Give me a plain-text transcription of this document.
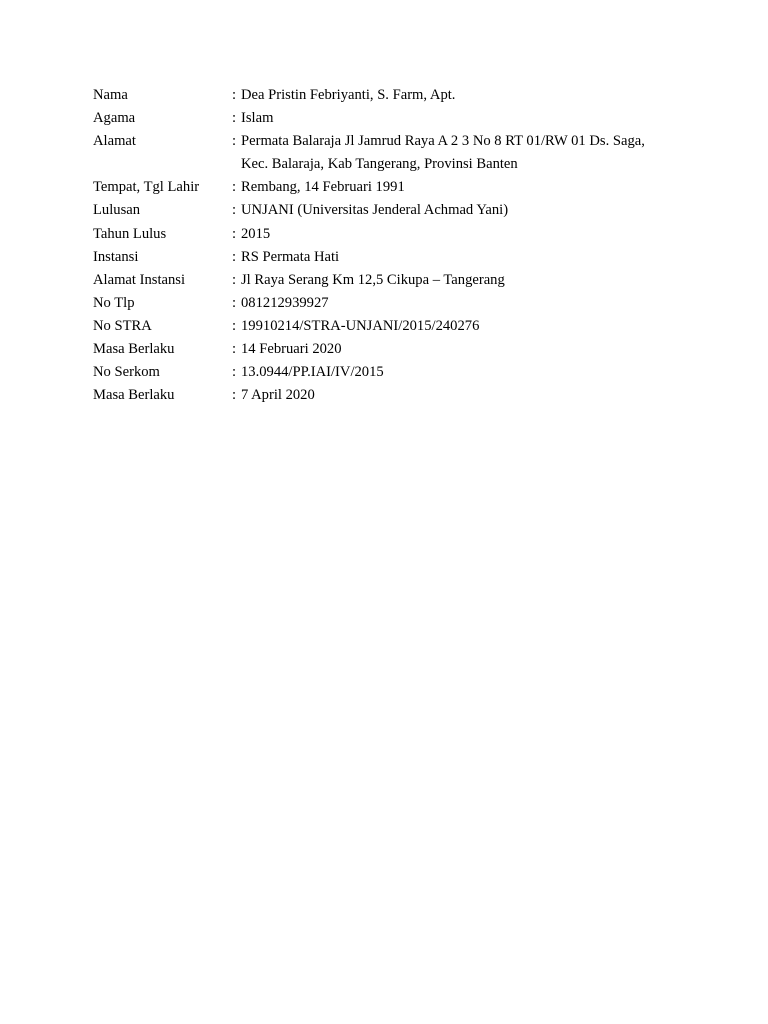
Nama	: Dea Pristin Febriyanti, S. Farm, Apt.
Agama	: Islam
Alamat	: Permata Balaraja Jl Jamrud Raya A 2 3 No 8 RT 01/RW 01 Ds. Saga,
Kec. Balaraja, Kab Tangerang, Provinsi Banten
Tempat, Tgl Lahir	: Rembang, 14 Februari 1991
Lulusan	: UNJANI (Universitas Jenderal Achmad Yani)
Tahun Lulus	: 2015
Instansi	: RS Permata Hati
Alamat Instansi	: Jl Raya Serang Km 12,5 Cikupa – Tangerang
No Tlp	: 081212939927
No STRA	: 19910214/STRA-UNJANI/2015/240276
Masa Berlaku	: 14 Februari 2020
No Serkom	: 13.0944/PP.IAI/IV/2015
Masa Berlaku	: 7 April 2020
